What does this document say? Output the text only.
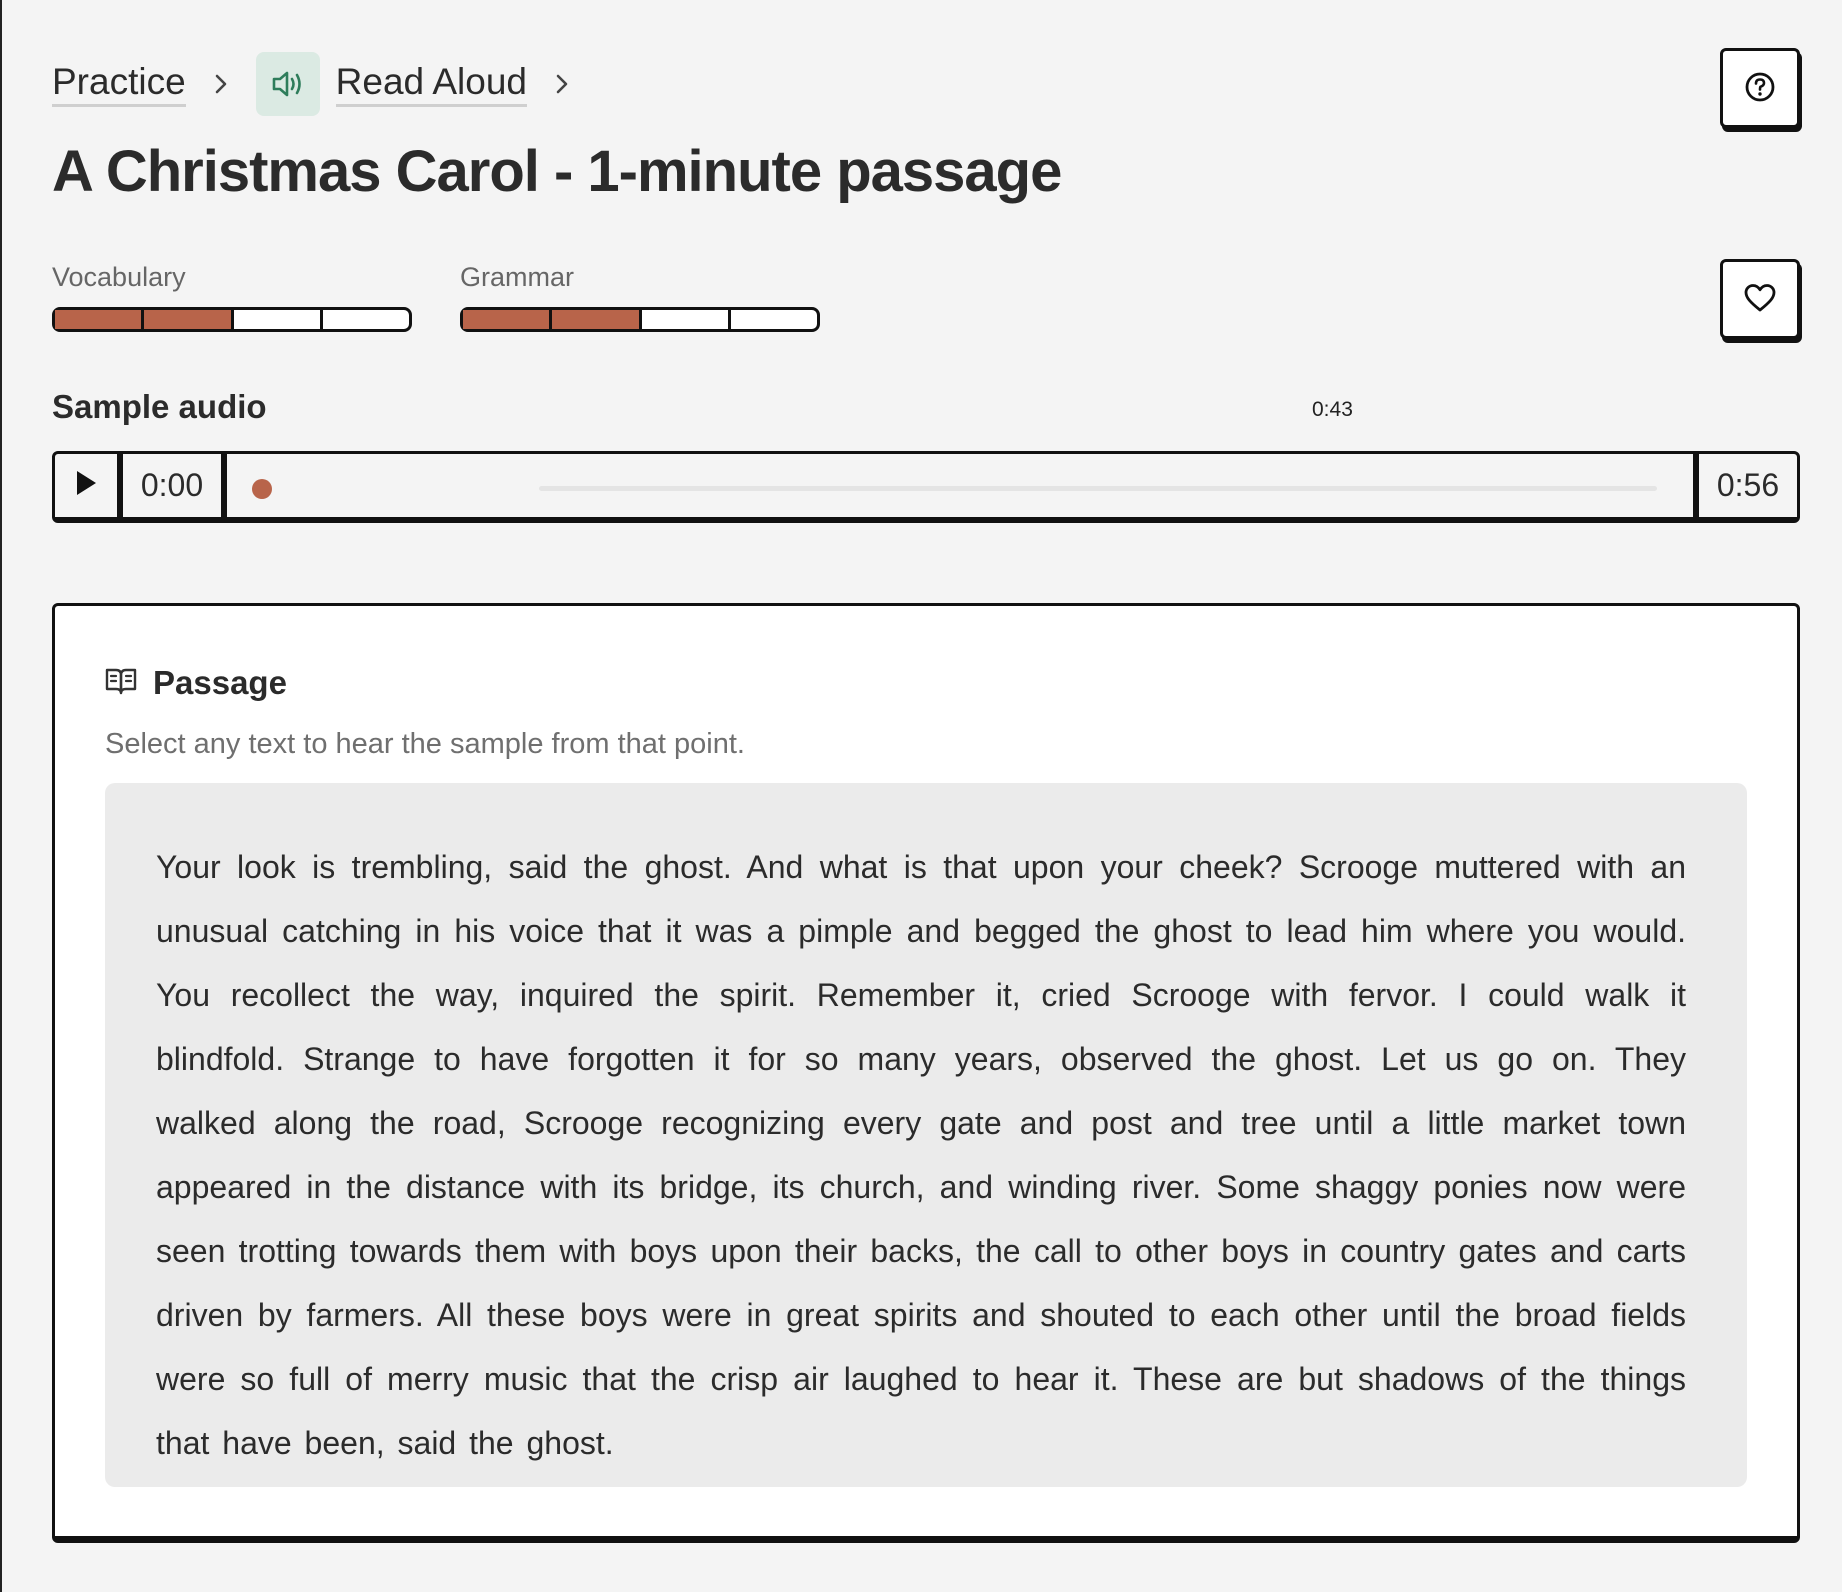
Practice	Read Aloud
A Christmas Carol - 1-minute passage
Vocabulary	Grammar
Sample audio	0:43
0:00	0:56
Passage
Select any text to hear the sample from that point.
Your look is trembling, said the ghost. And what is that upon your cheek? Scrooge muttered with an unusual catching in his voice that it was a pimple and begged the ghost to lead him where you would. You recollect the way, inquired the spirit. Remember it, cried Scrooge with fervor. I could walk it blindfold. Strange to have forgotten it for so many years, observed the ghost. Let us go on. They walked along the road, Scrooge recognizing every gate and post and tree until a little market town appeared in the distance with its bridge, its church, and winding river. Some shaggy ponies now were seen trotting towards them with boys upon their backs, the call to other boys in country gates and carts driven by farmers. All these boys were in great spirits and shouted to each other until the broad fields were so full of merry music that the crisp air laughed to hear it. These are but shadows of the things that have been, said the ghost.
